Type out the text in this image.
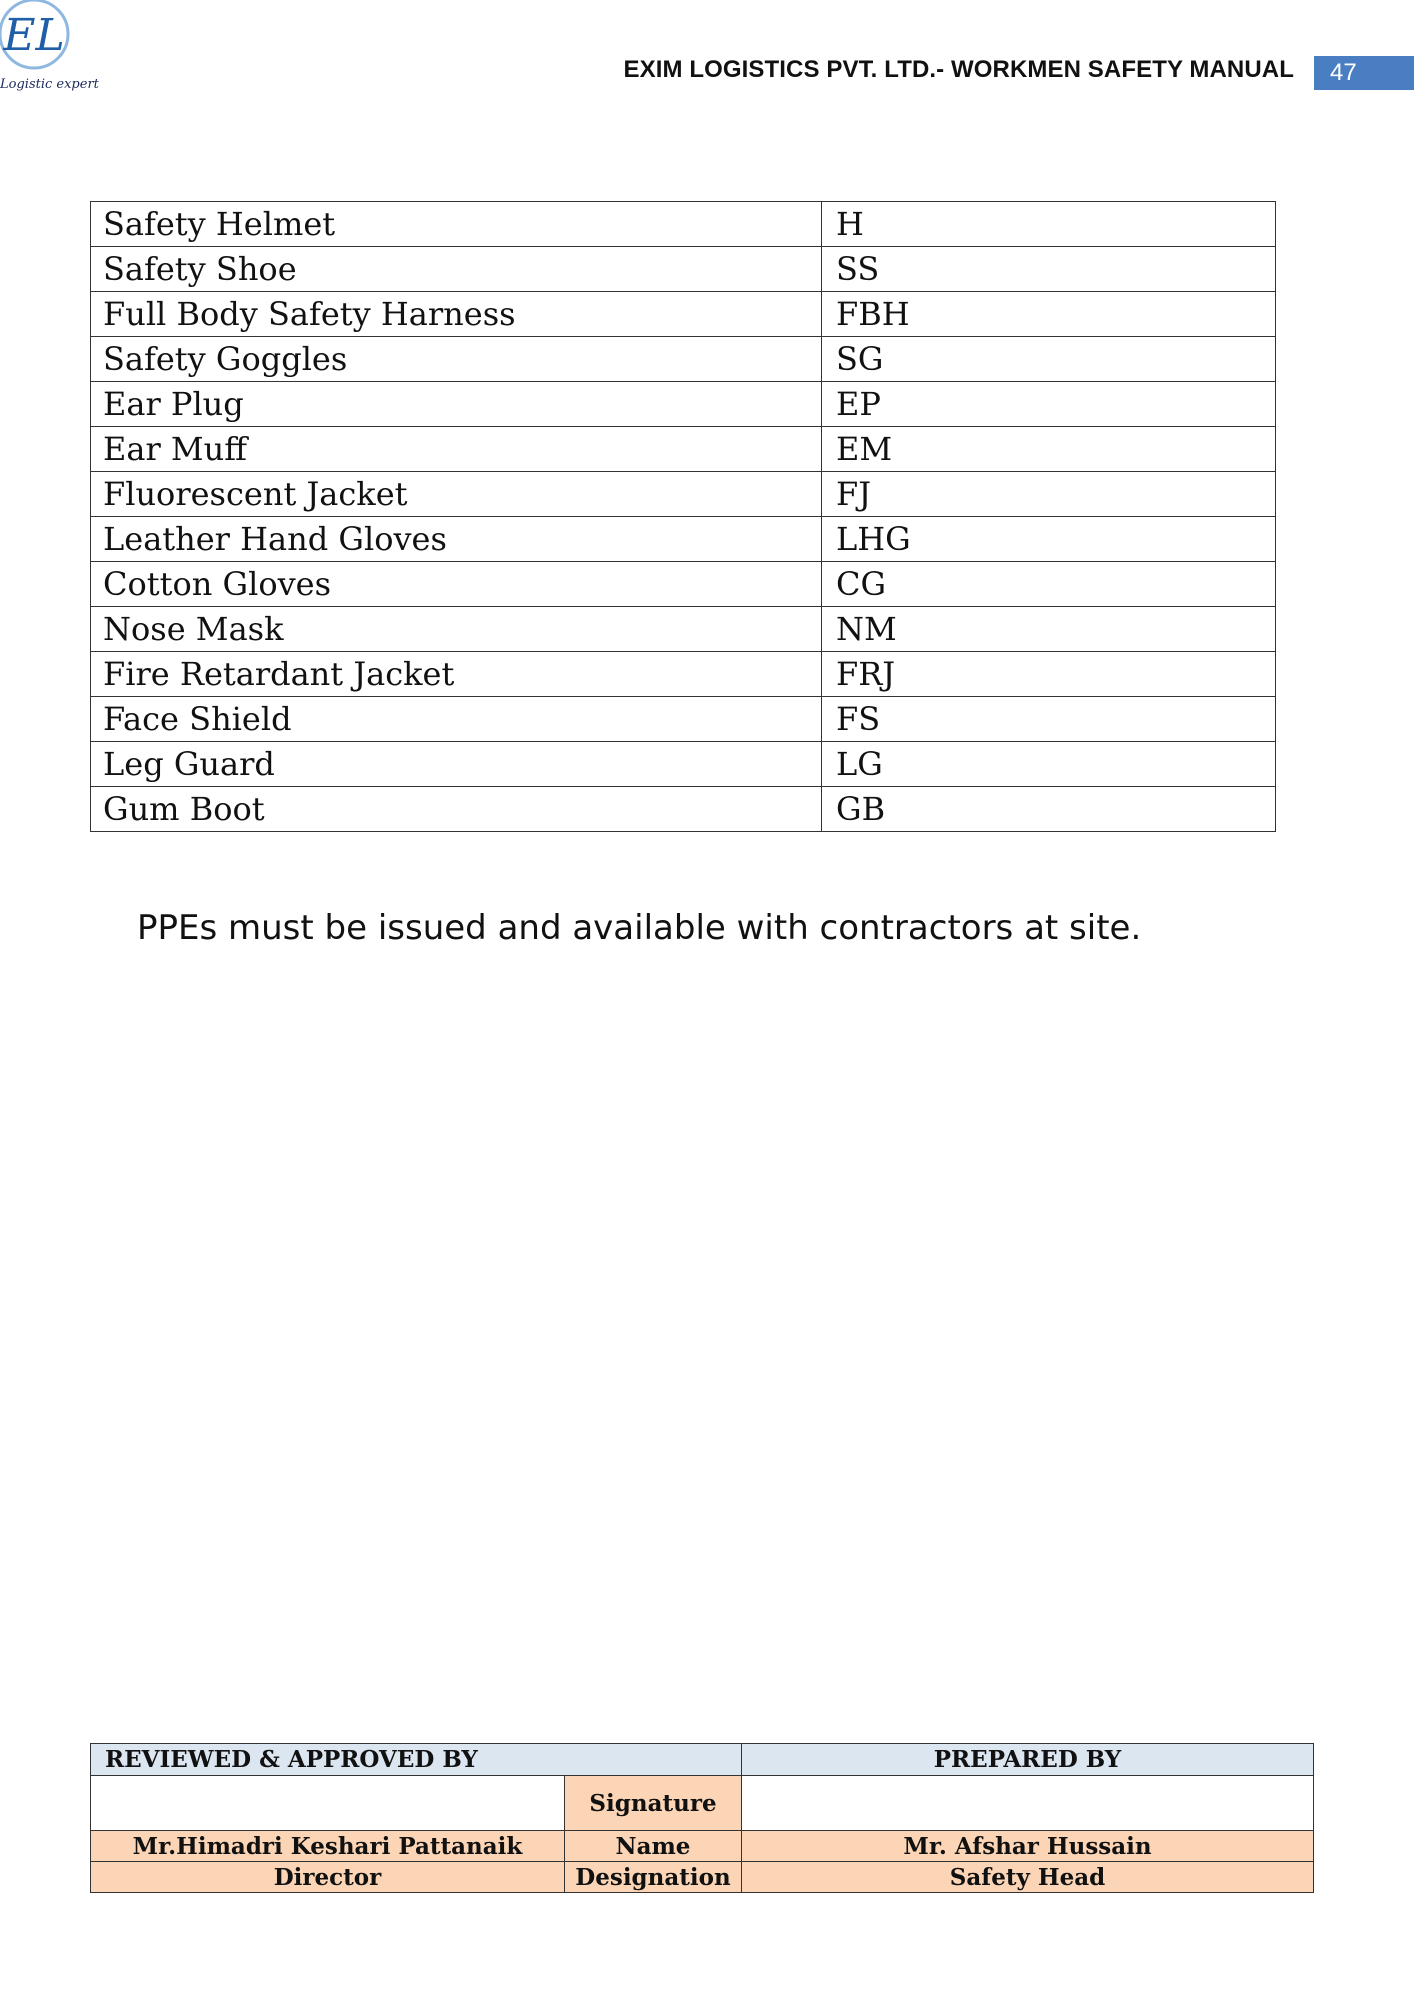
EL
Logistic expert
EXIM LOGISTICS PVT. LTD.- WORKMEN SAFETY MANUAL	47
Safety Helmet	H
Safety Shoe	SS
Full Body Safety Harness	FBH
Safety Goggles	SG
Ear Plug	EP
Ear Muff	EM
Fluorescent Jacket	FJ
Leather Hand Gloves	LHG
Cotton Gloves	CG
Nose Mask	NM
Fire Retardant Jacket	FRJ
Face Shield	FS
Leg Guard	LG
Gum Boot	GB
PPEs must be issued and available with contractors at site.
REVIEWED & APPROVED BY		PREPARED BY
	Signature	
Mr.Himadri Keshari Pattanaik	Name	Mr. Afshar Hussain
Director	Designation	Safety Head
